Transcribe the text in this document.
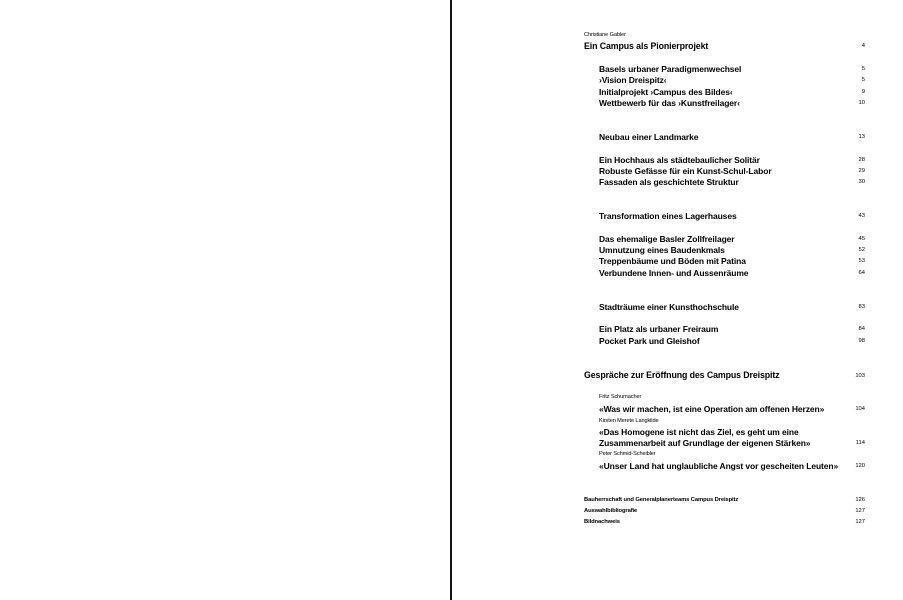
Christiane Gabler
Ein Campus als Pionierprojekt	4
Basels urbaner Paradigmenwechsel	5
›Vision Dreispitz‹	5
Initialprojekt ›Campus des Bildes‹	9
Wettbewerb für das ›Kunstfreilager‹	10
Neubau einer Landmarke	13
Ein Hochhaus als städtebaulicher Solitär	28
Robuste Gefässe für ein Kunst-Schul-Labor	29
Fassaden als geschichtete Struktur	30
Transformation eines Lagerhauses	43
Das ehemalige Basler Zollfreilager	45
Umnutzung eines Baudenkmals	52
Treppenbäume und Böden mit Patina	53
Verbundene Innen- und Aussenräume	64
Stadträume einer Kunsthochschule	83
Ein Platz als urbaner Freiraum	84
Pocket Park und Gleishof	98
Gespräche zur Eröffnung des Campus Dreispitz	103
Fritz Schumacher
«Was wir machen, ist eine Operation am offenen Herzen»	104
Kirsten Merete Langkilde
«Das Homogene ist nicht das Ziel, es geht um eine
Zusammenarbeit auf Grundlage der eigenen Stärken»	114
Peter Schmid-Scheibler
«Unser Land hat unglaubliche Angst vor gescheiten Leuten»	120
Bauherrschaft und Generalplanerteams Campus Dreispitz	126
Auswahlbibliografie	127
Bildnachweis	127
